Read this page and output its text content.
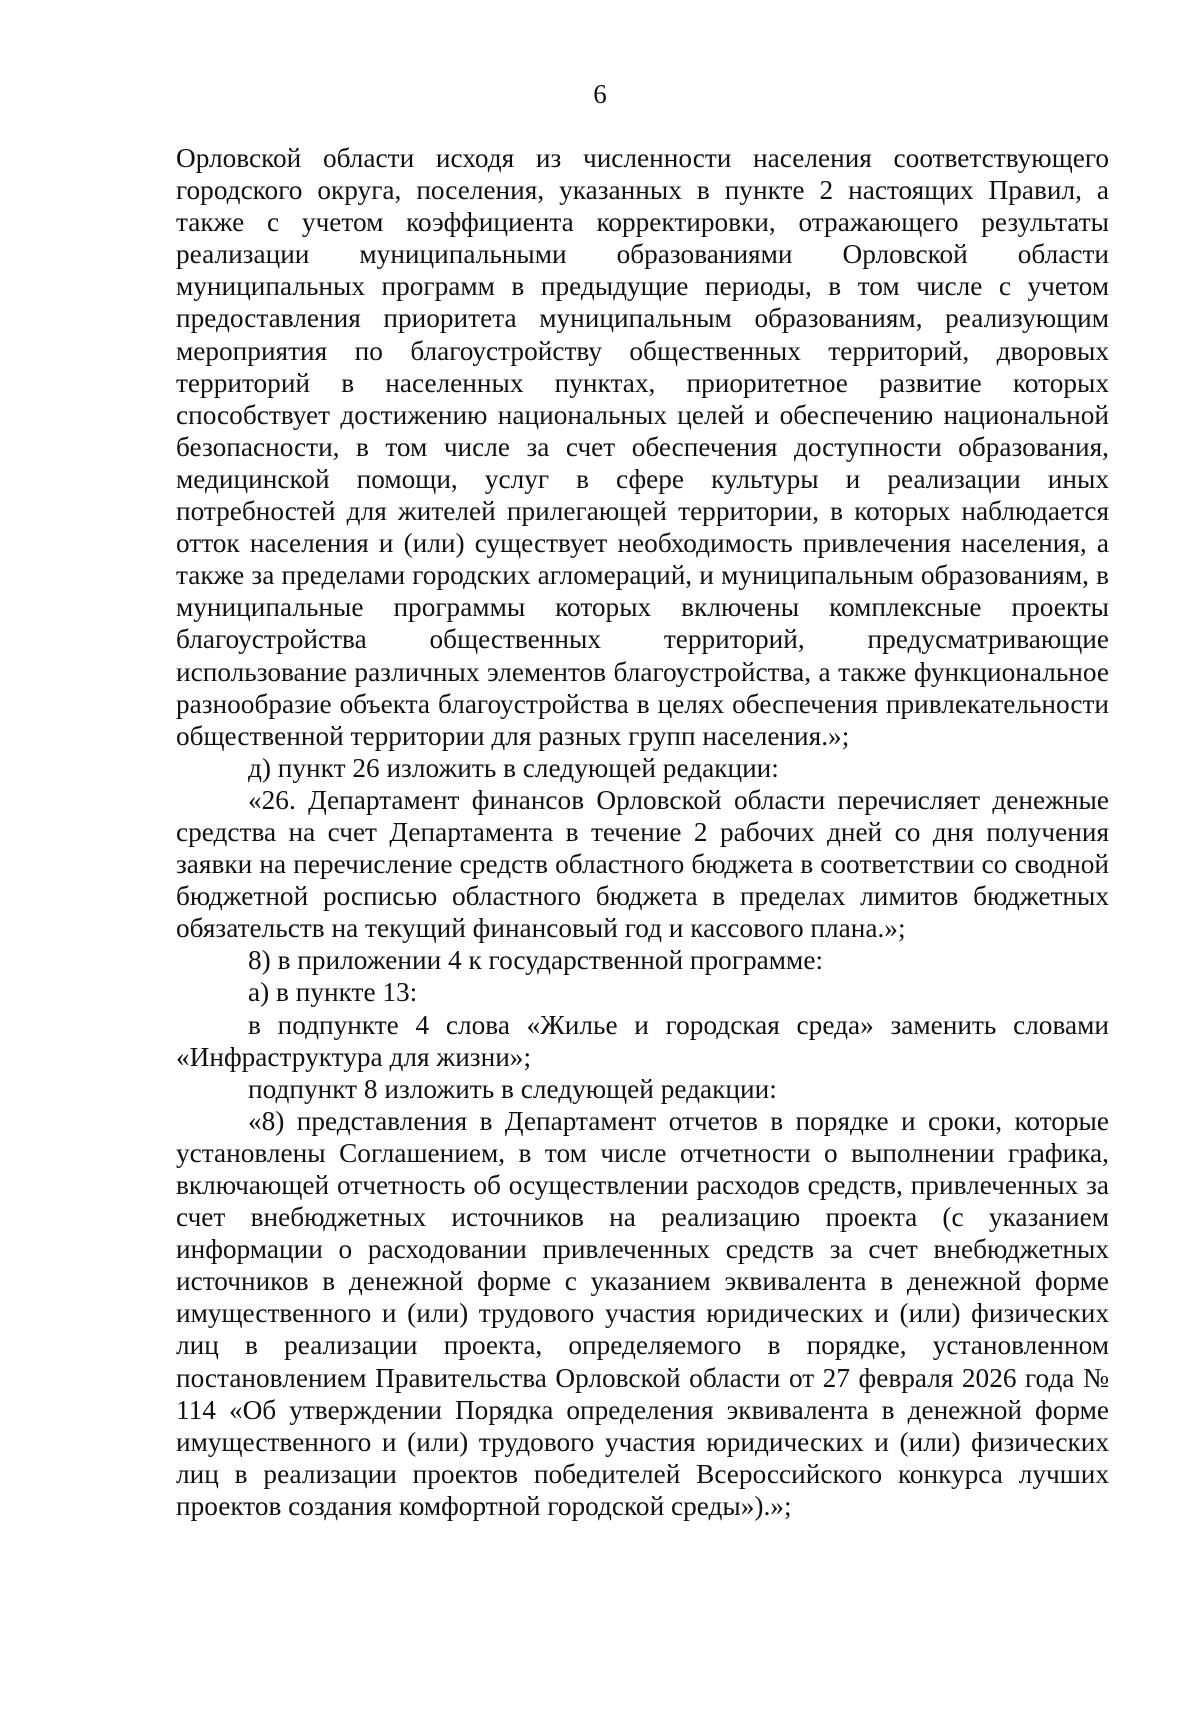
6

Орловской области исходя из численности населения соответствующего городского округа, поселения, указанных в пункте 2 настоящих Правил, а также с учетом коэффициента корректировки, отражающего результаты реализации муниципальными образованиями Орловской области муниципальных программ в предыдущие периоды, в том числе с учетом предоставления приоритета муниципальным образованиям, реализующим мероприятия по благоустройству общественных территорий, дворовых территорий в населенных пунктах, приоритетное развитие которых способствует достижению национальных целей и обеспечению национальной безопасности, в том числе за счет обеспечения доступности образования, медицинской помощи, услуг в сфере культуры и реализации иных потребностей для жителей прилегающей территории, в которых наблюдается отток населения и (или) существует необходимость привлечения населения, а также за пределами городских агломераций, и муниципальным образованиям, в муниципальные программы которых включены комплексные проекты благоустройства общественных территорий, предусматривающие использование различных элементов благоустройства, а также функциональное разнообразие объекта благоустройства в целях обеспечения привлекательности общественной территории для разных групп населения.»;

д) пункт 26 изложить в следующей редакции:

«26. Департамент финансов Орловской области перечисляет денежные средства на счет Департамента в течение 2 рабочих дней со дня получения заявки на перечисление средств областного бюджета в соответствии со сводной бюджетной росписью областного бюджета в пределах лимитов бюджетных обязательств на текущий финансовый год и кассового плана.»;

8) в приложении 4 к государственной программе:

а) в пункте 13:

в подпункте 4 слова «Жилье и городская среда» заменить словами «Инфраструктура для жизни»;

подпункт 8 изложить в следующей редакции:

«8) представления в Департамент отчетов в порядке и сроки, которые установлены Соглашением, в том числе отчетности о выполнении графика, включающей отчетность об осуществлении расходов средств, привлеченных за счет внебюджетных источников на реализацию проекта (с указанием информации о расходовании привлеченных средств за счет внебюджетных источников в денежной форме с указанием эквивалента в денежной форме имущественного и (или) трудового участия юридических и (или) физических лиц в реализации проекта, определяемого в порядке, установленном постановлением Правительства Орловской области от 27 февраля 2026 года № 114 «Об утверждении Порядка определения эквивалента в денежной форме имущественного и (или) трудового участия юридических и (или) физических лиц в реализации проектов победителей Всероссийского конкурса лучших проектов создания комфортной городской среды»).»;
